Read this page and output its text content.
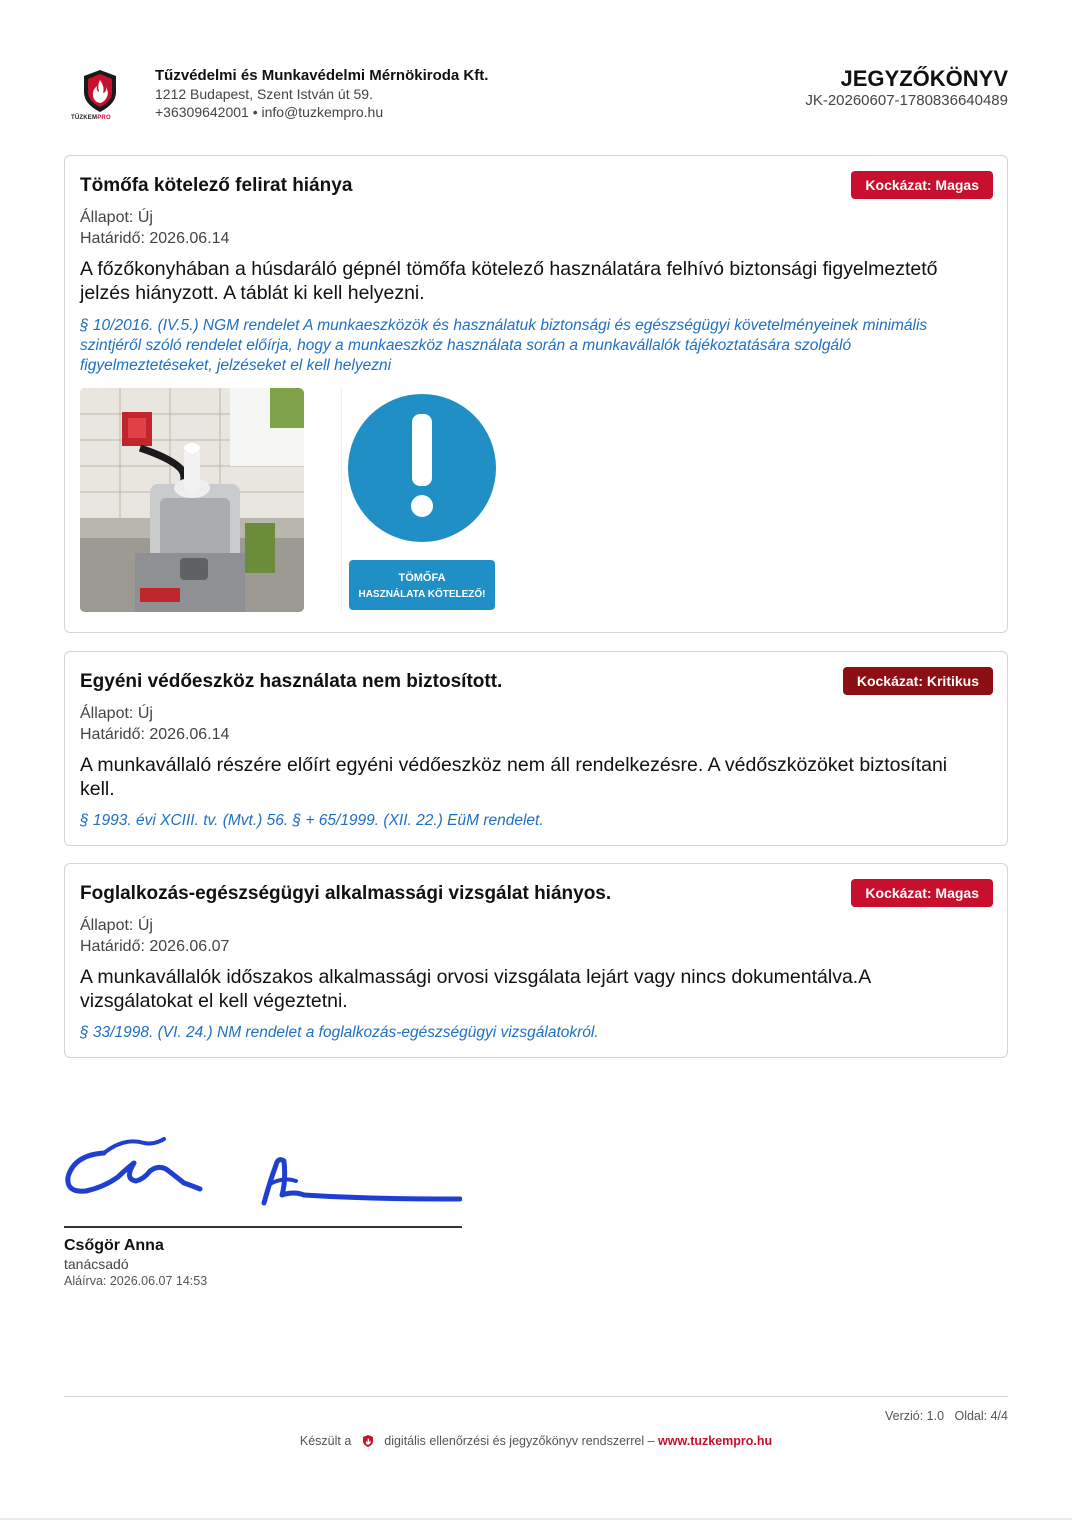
TŰZKEMPRO
Tűzvédelmi és Munkavédelmi Mérnökiroda Kft.
1212 Budapest, Szent István út 59.
+36309642001 • info@tuzkempro.hu
JEGYZŐKÖNYV
JK-20260607-1780836640489
Tömőfa kötelező felirat hiánya	Kockázat: Magas
Állapot: Új
Határidő: 2026.06.14
A főzőkonyhában a húsdaráló gépnél tömőfa kötelező használatára felhívó biztonsági figyelmeztető jelzés hiányzott. A táblát ki kell helyezni.
§ 10/2016. (IV.5.) NGM rendelet A munkaeszközök és használatuk biztonsági és egészségügyi követelményeinek minimális szintjéről szóló rendelet előírja, hogy a munkaeszköz használata során a munkavállalók tájékoztatására szolgáló figyelmeztetéseket, jelzéseket el kell helyezni
TÖMŐFA
HASZNÁLATA KÖTELEZŐ!
Egyéni védőeszköz használata nem biztosított.	Kockázat: Kritikus
Állapot: Új
Határidő: 2026.06.14
A munkavállaló részére előírt egyéni védőeszköz nem áll rendelkezésre. A védőszközöket biztosítani kell.
§ 1993. évi XCIII. tv. (Mvt.) 56. § + 65/1999. (XII. 22.) EüM rendelet.
Foglalkozás-egészségügyi alkalmassági vizsgálat hiányos.	Kockázat: Magas
Állapot: Új
Határidő: 2026.06.07
A munkavállalók időszakos alkalmassági orvosi vizsgálata lejárt vagy nincs dokumentálva.A vizsgálatokat el kell végeztetni.
§ 33/1998. (VI. 24.) NM rendelet a foglalkozás-egészségügyi vizsgálatokról.
Csőgör Anna
tanácsadó
Aláírva: 2026.06.07 14:53
Verzió: 1.0   Oldal: 4/4
Készült a	digitális ellenőrzési és jegyzőkönyv rendszerrel – www.tuzkempro.hu
